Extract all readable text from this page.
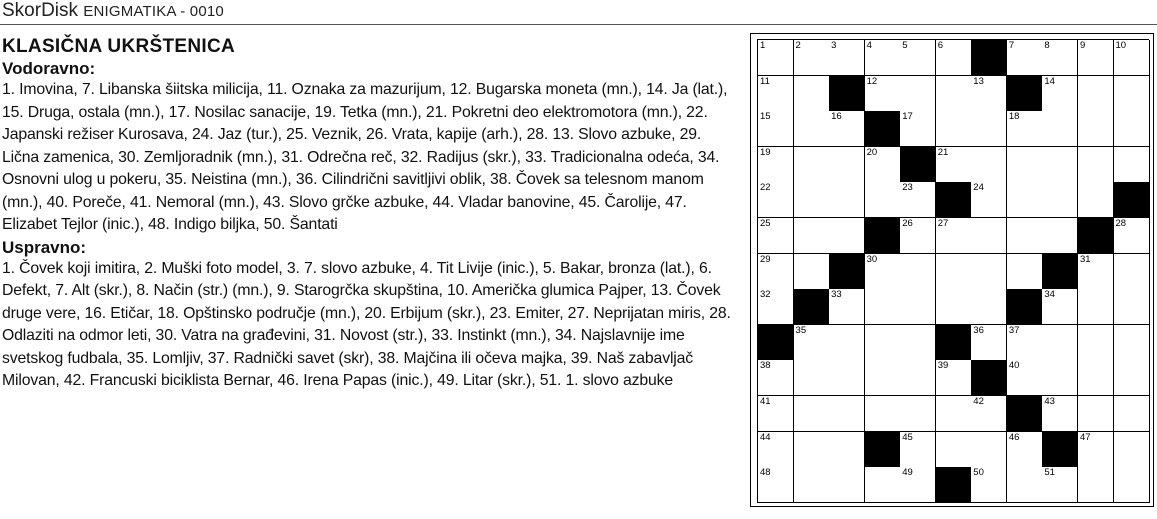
SkorDisk ENIGMATIKA - 0010
KLASIČNA UKRŠTENICA
Vodoravno:
1. Imovina, 7. Libanska šiitska milicija, 11. Oznaka za mazurijum, 12. Bugarska moneta (mn.), 14. Ja (lat.), 15. Druga, ostala (mn.), 17. Nosilac sanacije, 19. Tetka (mn.), 21. Pokretni deo elektromotora (mn.), 22. Japanski režiser Kurosava, 24. Jaz (tur.), 25. Veznik, 26. Vrata, kapije (arh.), 28. 13. Slovo azbuke, 29. Lična zamenica, 30. Zemljoradnik (mn.), 31. Odrečna reč, 32. Radijus (skr.), 33. Tradicionalna odeća, 34. Osnovni ulog u pokeru, 35. Neistina (mn.), 36. Cilindrični savitljivi oblik, 38. Čovek sa telesnom manom (mn.), 40. Poreče, 41. Nemoral (mn.), 43. Slovo grčke azbuke, 44. Vladar banovine, 45. Čarolije, 47. Elizabet Tejlor (inic.), 48. Indigo biljka, 50. Šantati
Uspravno:
1. Čovek koji imitira, 2. Muški foto model, 3. 7. slovo azbuke, 4. Tit Livije (inic.), 5. Bakar, bronza (lat.), 6. Defekt, 7. Alt (skr.), 8. Način (str.) (mn.), 9. Starogrčka skupština, 10. Američka glumica Pajper, 13. Čovek druge vere, 16. Etičar, 18. Opštinsko područje (mn.), 20. Erbijum (skr.), 23. Emiter, 27. Neprijatan miris, 28. Odlaziti na odmor leti, 30. Vatra na građevini, 31. Novost (str.), 33. Instinkt (mn.), 34. Najslavnije ime svetskog fudbala, 35. Lomljiv, 37. Radnički savet (skr), 38. Majčina ili očeva majka, 39. Naš zabavljač Milovan, 42. Francuski biciklista Bernar, 46. Irena Papas (inic.), 49. Litar (skr.), 51. 1. slovo azbuke
1	2	3	4	5	6	7	8	9	10
11	12	13	14
15	16	17	18
19	20	21
22	23	24
25	26	27	28
29	30	31
32	33	34
35	36	37
38	39	40
41	42	43
44	45	46	47
48	49	50	51
